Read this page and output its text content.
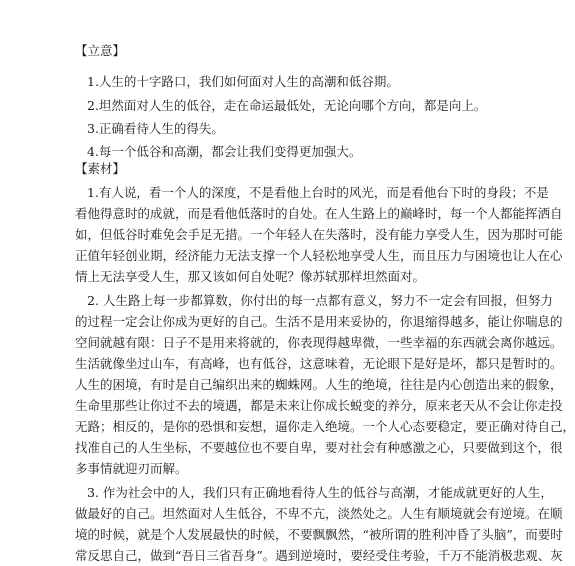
【立意】
1.人生的十字路口，我们如何面对人生的高潮和低谷期。
2.坦然面对人生的低谷，走在命运最低处，无论向哪个方向，都是向上。
3.正确看待人生的得失。
4.每一个低谷和高潮，都会让我们变得更加强大。
【素材】
1.有人说，看一个人的深度，不是看他上台时的风光，而是看他台下时的身段；不是
看他得意时的成就，而是看他低落时的自处。在人生路上的巅峰时，每一个人都能挥洒自
如，但低谷时难免会手足无措。一个年轻人在失落时，没有能力享受人生，因为那时可能
正值年轻创业期，经济能力无法支撑一个人轻松地享受人生，而且压力与困境也让人在心
情上无法享受人生，那又该如何自处呢？像苏轼那样坦然面对。
2. 人生路上每一步都算数，你付出的每一点都有意义，努力不一定会有回报，但努力
的过程一定会让你成为更好的自己。生活不是用来妥协的，你退缩得越多，能让你喘息的
空间就越有限：日子不是用来将就的，你表现得越卑微，一些幸福的东西就会离你越远。
生活就像坐过山车，有高峰，也有低谷，这意味着，无论眼下是好是坏，都只是暂时的。
人生的困境，有时是自己编织出来的蜘蛛网。人生的绝境，往往是内心创造出来的假象，
生命里那些让你过不去的境遇，都是未来让你成长蜕变的养分，原来老天从不会让你走投
无路；相反的，是你的恐惧和妄想，逼你走入绝境。一个人心态要稳定，要正确对待自己，
找准自己的人生坐标，不要越位也不要自卑，要对社会有种感激之心，只要做到这个，很
多事情就迎刃而解。
3. 作为社会中的人，我们只有正确地看待人生的低谷与高潮，才能成就更好的人生，
做最好的自己。坦然面对人生低谷，不卑不亢，淡然处之。人生有顺境就会有逆境。在顺
境的时候，就是个人发展最快的时候，不要飘飘然，“被所谓的胜利冲昏了头脑”，而要时
常反思自己，做到“吾日三省吾身”。遇到逆境时，要经受住考验，千万不能消极悲观、灰
